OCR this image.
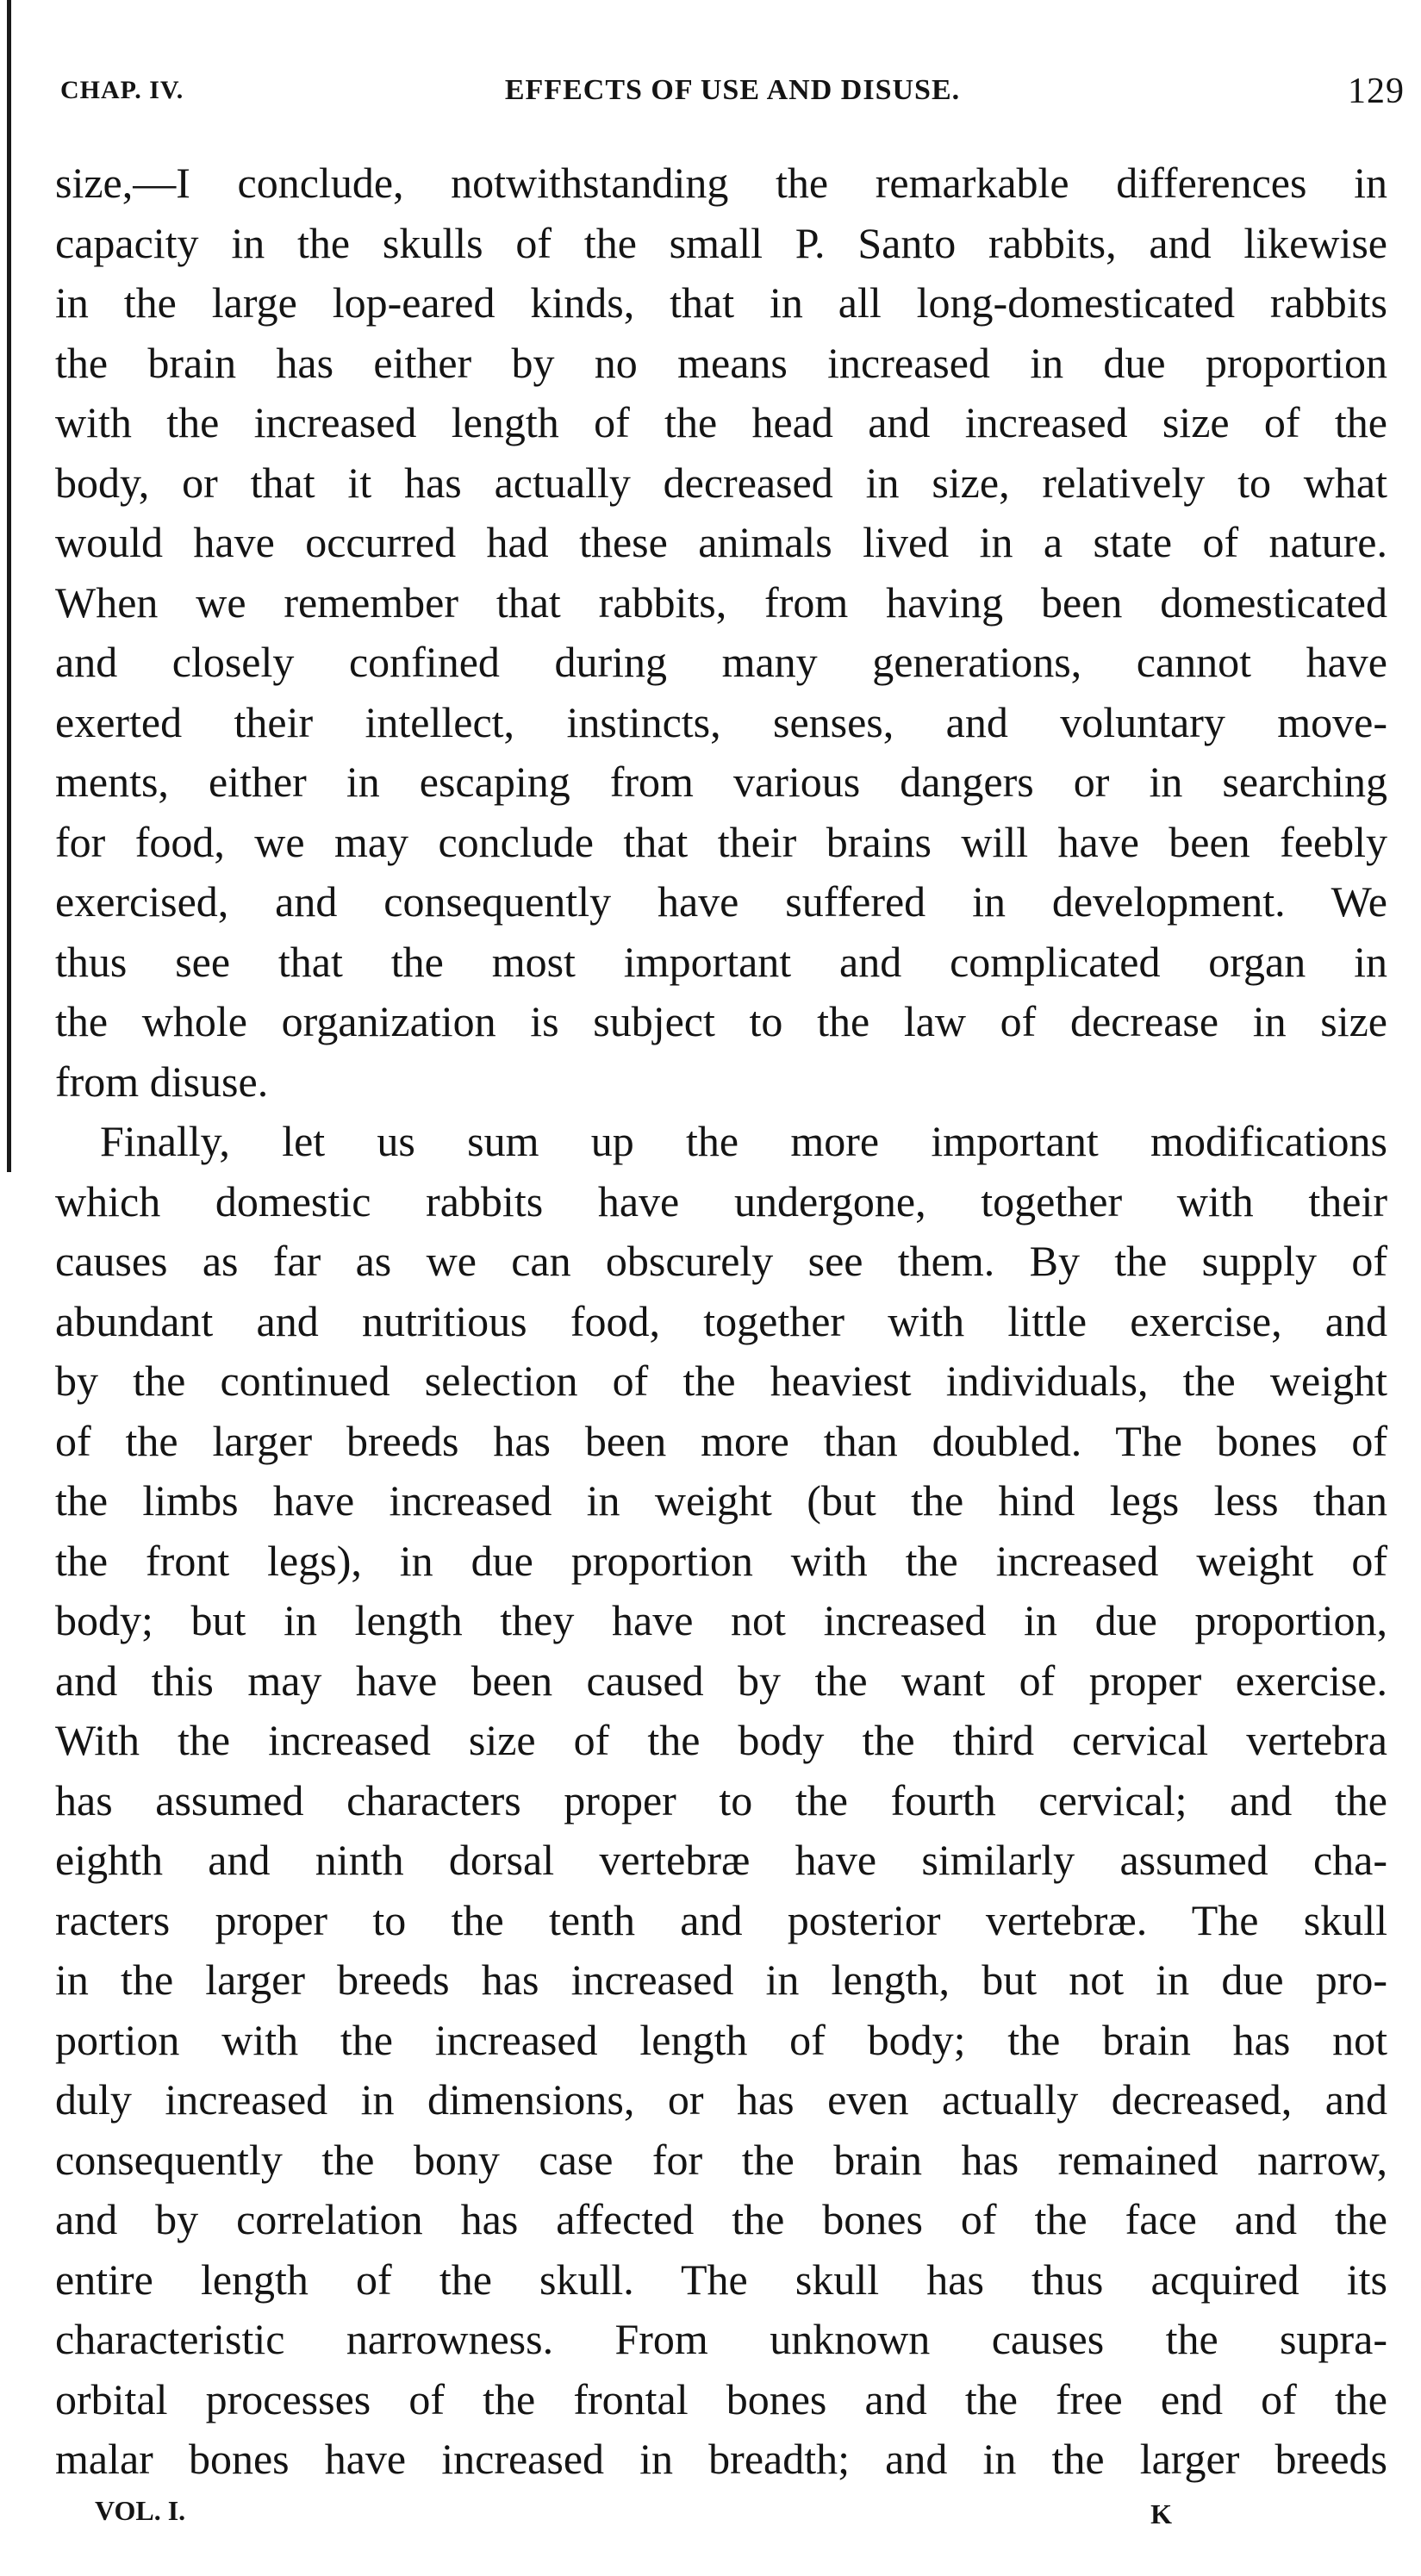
CHAP. IV.	EFFECTS OF USE AND DISUSE.	129
size,—I conclude, notwithstanding the remarkable differences in
capacity in the skulls of the small P. Santo rabbits, and likewise
in the large lop-eared kinds, that in all long-domesticated rabbits
the brain has either by no means increased in due proportion
with the increased length of the head and increased size of the
body, or that it has actually decreased in size, relatively to what
would have occurred had these animals lived in a state of nature.
When we remember that rabbits, from having been domesticated
and closely confined during many generations, cannot have
exerted their intellect, instincts, senses, and voluntary move-
ments, either in escaping from various dangers or in searching
for food, we may conclude that their brains will have been feebly
exercised, and consequently have suffered in development. We
thus see that the most important and complicated organ in
the whole organization is subject to the law of decrease in size
from disuse.
Finally, let us sum up the more important modifications
which domestic rabbits have undergone, together with their
causes as far as we can obscurely see them. By the supply of
abundant and nutritious food, together with little exercise, and
by the continued selection of the heaviest individuals, the weight
of the larger breeds has been more than doubled. The bones of
the limbs have increased in weight (but the hind legs less than
the front legs), in due proportion with the increased weight of
body; but in length they have not increased in due proportion,
and this may have been caused by the want of proper exercise.
With the increased size of the body the third cervical vertebra
has assumed characters proper to the fourth cervical; and the
eighth and ninth dorsal vertebræ have similarly assumed cha-
racters proper to the tenth and posterior vertebræ. The skull
in the larger breeds has increased in length, but not in due pro-
portion with the increased length of body; the brain has not
duly increased in dimensions, or has even actually decreased, and
consequently the bony case for the brain has remained narrow,
and by correlation has affected the bones of the face and the
entire length of the skull. The skull has thus acquired its
characteristic narrowness. From unknown causes the supra-
orbital processes of the frontal bones and the free end of the
malar bones have increased in breadth; and in the larger breeds
VOL. I.	K
